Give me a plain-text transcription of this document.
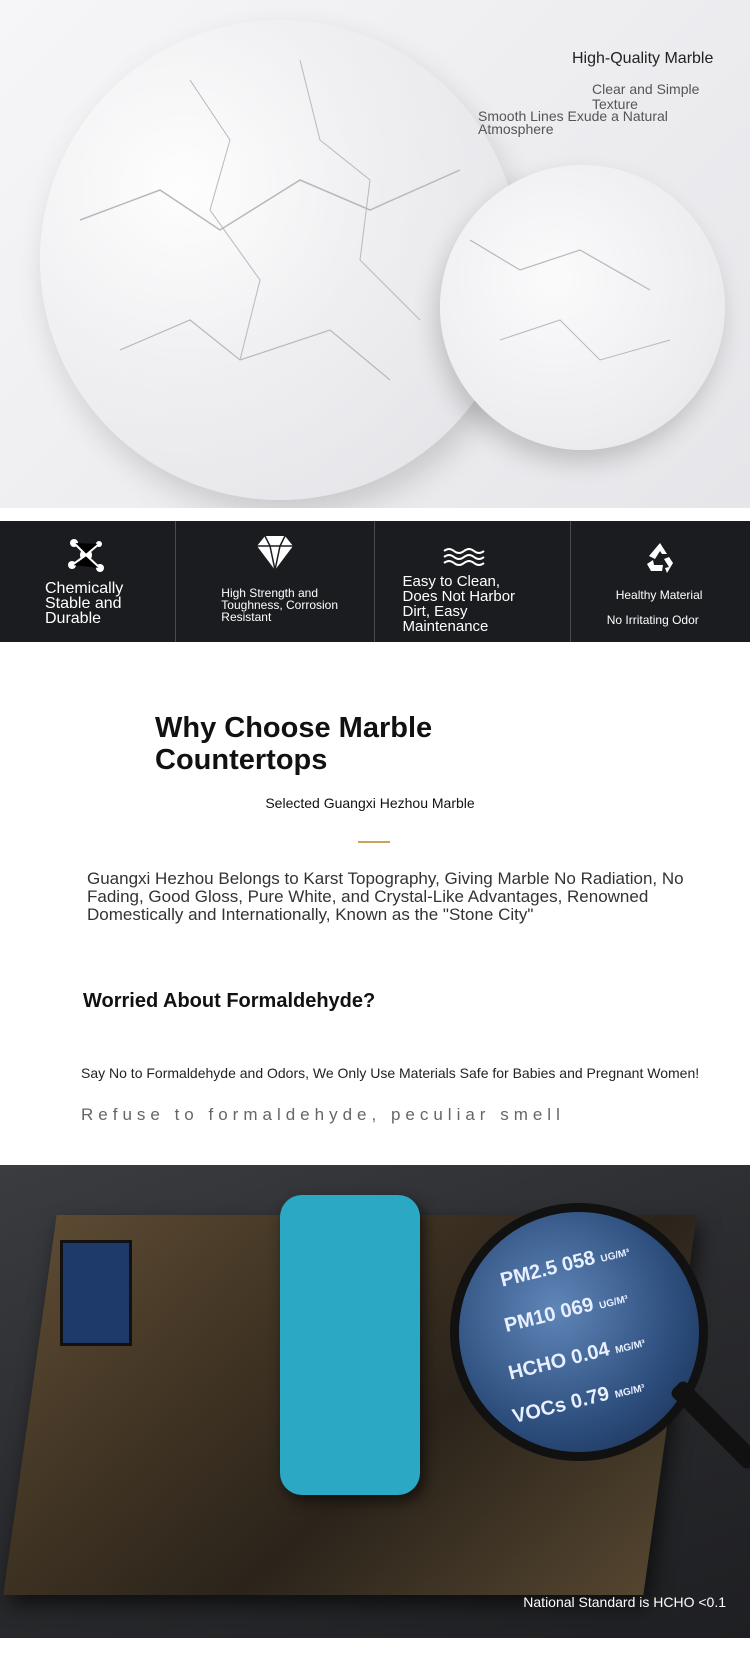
High-Quality Marble
Clear and Simple Texture
Smooth Lines Exude a Natural Atmosphere
Chemically Stable and Durable
High Strength and Toughness, Corrosion Resistant
Easy to Clean, Does Not Harbor Dirt, Easy Maintenance
Healthy Material
No Irritating Odor
Why Choose Marble Countertops
Selected Guangxi Hezhou Marble
Guangxi Hezhou Belongs to Karst Topography, Giving Marble No Radiation, No Fading, Good Gloss, Pure White, and Crystal-Like Advantages, Renowned Domestically and Internationally, Known as the "Stone City"
Worried About Formaldehyde?
Say No to Formaldehyde and Odors, We Only Use Materials Safe for Babies and Pregnant Women!
Refuse to formaldehyde, peculiar smell
PM2.5 058 UG/M³
PM10 069 UG/M³
HCHO 0.04 MG/M³
VOCs 0.79 MG/M³
National Standard is HCHO <0.1
